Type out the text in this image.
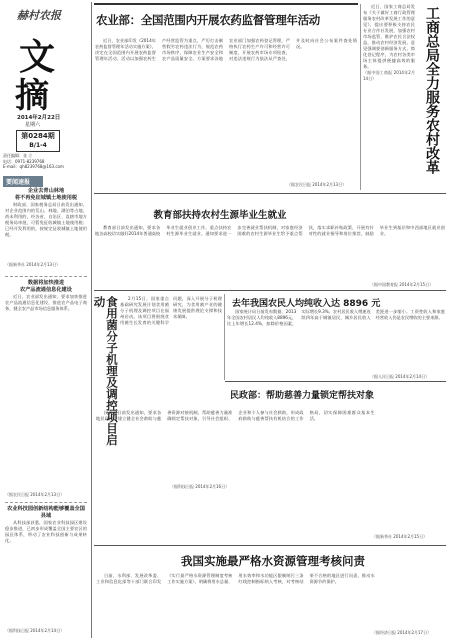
赫村农报
文
摘
2014年2月22日
星期六
第0284期
B/1-4
责任编辑：张 立
电话：0971-8239768
E-mail：qh8239768@163.com
要闻速报
企业去青山林地
将不再免征城镇土地使用税
财政部、国家税务总局日前发出通知，对企业范围内的荒山、林地、湖泊等占地，尚未利用的，经各省、自治区、直辖市地方税务局审批，可暂免征收城镇土地使用税；已经开发利用的，按规定征收城镇土地使用税。
（据新华社 2014年2月13日）
数据将加快推进
农产品流通信息化建设
近日，农业部发出通知，要求加快推进农产品流通信息化建设，推进农产品电子商务，健全农产品市场信息服务体系。
（据农民日报 2014年2月13日）
农业科技园创新结构能够覆盖全国县域
从科技部获悉，国家农业科技园区建设稳步推进，已初步形成覆盖全国主要农区的园区体系，带动了农业科技创新与成果转化。
（据科技日报 2014年2月14日）
农业部：全国范围内开展农药监督管理年活动

近日，农业部印发《2014年农药监督管理年活动实施方案》，决定在全国范围内开展农药监督管理年活动。活动以加强农药生产经营监管为重点，严厉打击制售假劣农药违法行为，规范农药市场秩序，保障农业生产安全和农产品质量安全。方案要求各地农业部门加强农药登记管理，严格执行农药生产许可和经营许可制度，开展农药市场专项检查，对违法违规行为依法从严查处，并及时向社会公布案件查处情况。

（据农民日报 2014年2月13日）

近日，国家工商总局发布《关于做好工商行政管理服务农村改革发展工作的意见》，提出要积极支持农民专业合作社发展，加强农村市场监管，维护农民合法权益，推动农村经济发展。意见强调要创新服务方式，简化登记程序，为农村各类市场主体提供便捷高效的服务。

（据中国工商报 2014年2月14日）	工商总局全力服务农村改革
教育部扶持农村生源毕业生就业

教育部日前发出通知，要求各地各高校切实做好2014年普通高校毕业生就业创业工作，重点扶持农村生源毕业生就业。通知要求进一步完善就业帮扶机制，对家庭经济困难的农村生源毕业生给予重点帮扶，落实求职补贴政策，开展有针对性的就业指导和岗位推荐，鼓励毕业生到基层和中西部地区就业创业。

（据中国教育报 2014年2月15日）
食用菌分子机理及调控项目启动	2月15日，国家重点基础研究发展计划食用菌分子机理及调控项目在福州启动。该项目将围绕食用菌生长发育的关键科学问题，深入开展分子机理研究，为食用菌产业的健康发展提供理论支撑和技术保障。

（据科技日报 2014年2月16日）
去年我国农民人均纯收入达 8896 元

国家统计局日前发布数据，2013年全国农村居民人均纯收入8896元，比上年增长12.4%，扣除价格因素，实际增长9.3%。农村居民收入增速连续四年高于城镇居民，城乡居民收入差距进一步缩小。工资性收入和家庭经营收入仍是农民增收的主要来源。

（据人民日报 2014年2月14日）
民政部：帮助慈善力量锁定帮扶对象

民政部日前发出通知，要求各地民政部门建立健全社会救助与慈善资源对接机制，帮助慈善力量准确锁定帮扶对象，引导社会组织、企业和个人参与社会救助，形成政府救助与慈善帮扶有机结合的工作格局，切实保障困难群众基本生活。

（据新华社 2014年2月15日）
我国实施最严格水资源管理考核问责

日前，水利部、发展改革委、工业和信息化部等十部门联合印发《实行最严格水资源管理制度考核工作实施方案》，明确将用水总量、用水效率和水功能区限制纳污三条红线控制指标纳入考核，对考核结果不合格的地区进行问责，推动水资源节约保护。

（据经济日报 2014年2月17日）
